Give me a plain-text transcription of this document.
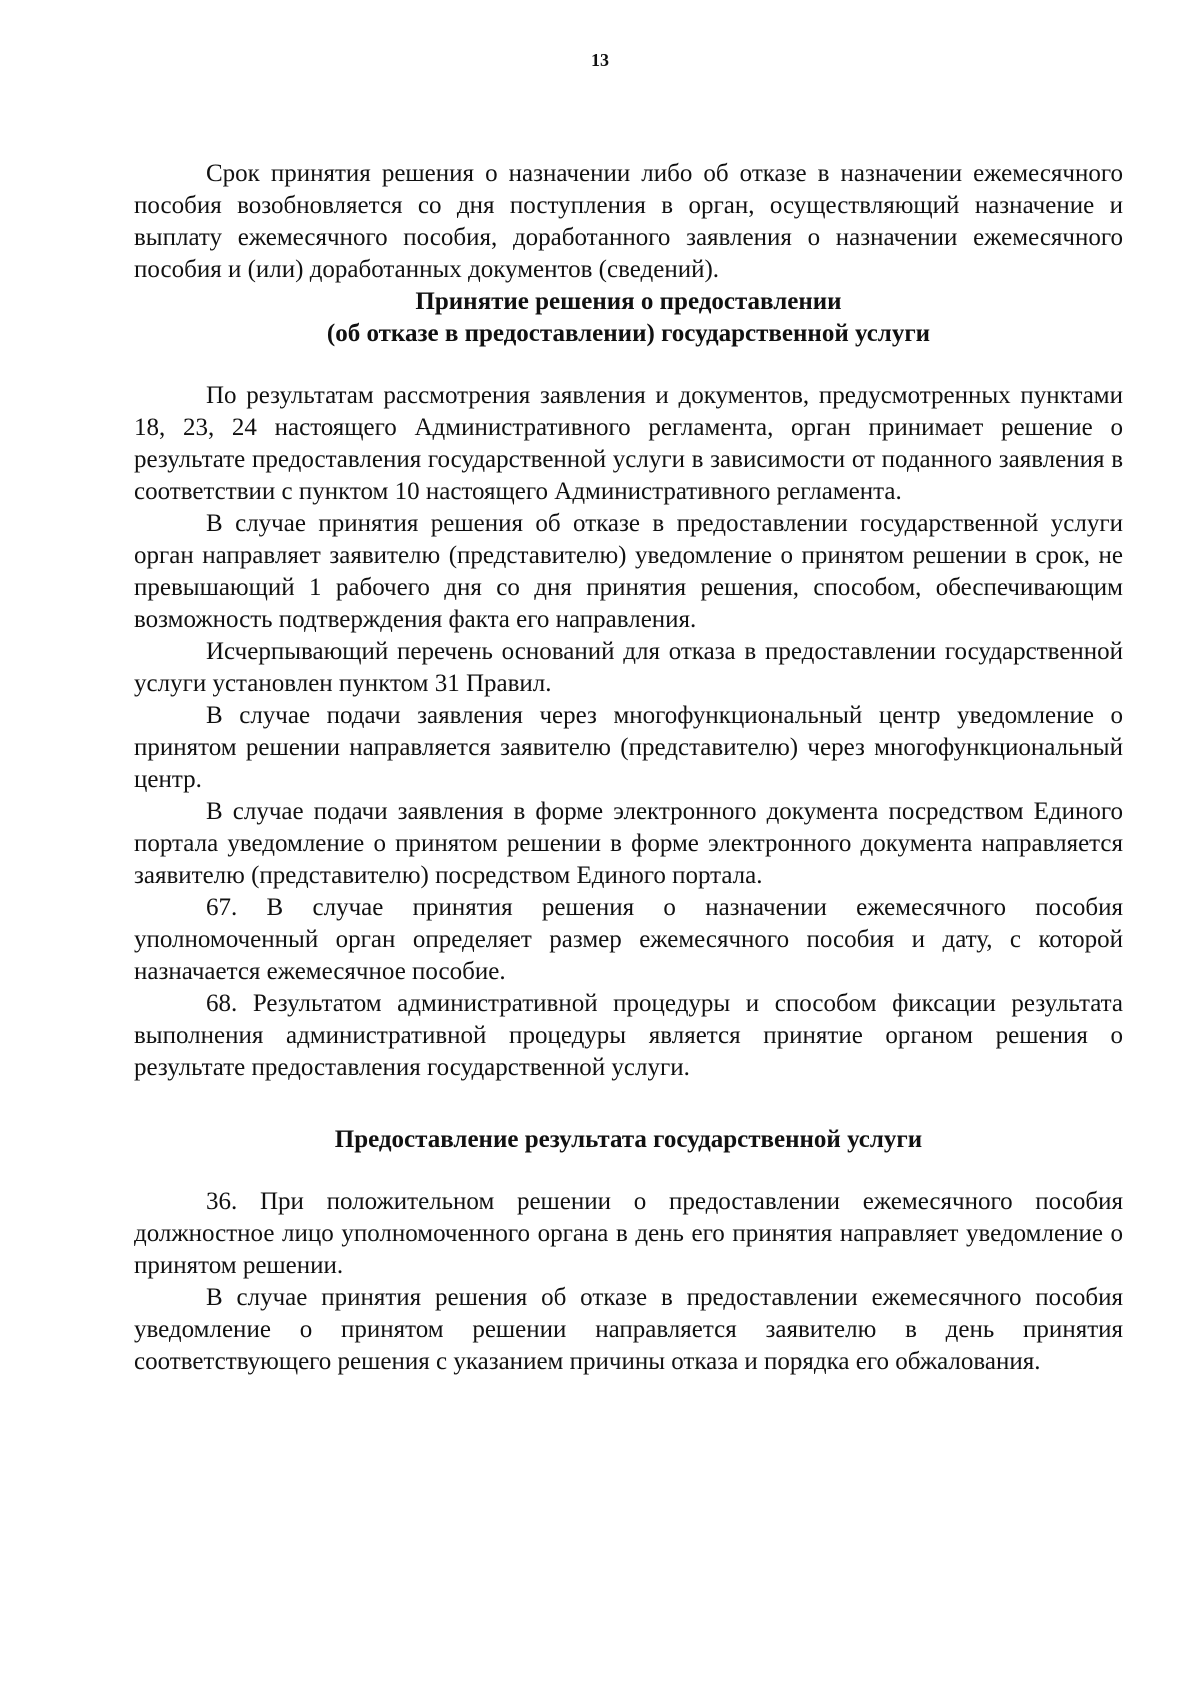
13

Срок принятия решения о назначении либо об отказе в назначении ежемесячного пособия возобновляется со дня поступления в орган, осуществляющий назначение и выплату ежемесячного пособия, доработанного заявления о назначении ежемесячного пособия и (или) доработанных документов (сведений).

Принятие решения о предоставлении
(об отказе в предоставлении) государственной услуги

По результатам рассмотрения заявления и документов, предусмотренных пунктами 18, 23, 24 настоящего Административного регламента, орган принимает решение о результате предоставления государственной услуги в зависимости от поданного заявления в соответствии с пунктом 10 настоящего Административного регламента.

В случае принятия решения об отказе в предоставлении государственной услуги орган направляет заявителю (представителю) уведомление о принятом решении в срок, не превышающий 1 рабочего дня со дня принятия решения, способом, обеспечивающим возможность подтверждения факта его направления.

Исчерпывающий перечень оснований для отказа в предоставлении государственной услуги установлен пунктом 31 Правил.

В случае подачи заявления через многофункциональный центр уведомление о принятом решении направляется заявителю (представителю) через многофункциональный центр.

В случае подачи заявления в форме электронного документа посредством Единого портала уведомление о принятом решении в форме электронного документа направляется заявителю (представителю) посредством Единого портала.

67. В случае принятия решения о назначении ежемесячного пособия уполномоченный орган определяет размер ежемесячного пособия и дату, с которой назначается ежемесячное пособие.

68. Результатом административной процедуры и способом фиксации результата выполнения административной процедуры является принятие органом решения о результате предоставления государственной услуги.

Предоставление результата государственной услуги

36. При положительном решении о предоставлении ежемесячного пособия должностное лицо уполномоченного органа в день его принятия направляет уведомление о принятом решении.

В случае принятия решения об отказе в предоставлении ежемесячного пособия уведомление о принятом решении направляется заявителю в день принятия соответствующего решения с указанием причины отказа и порядка его обжалования.
